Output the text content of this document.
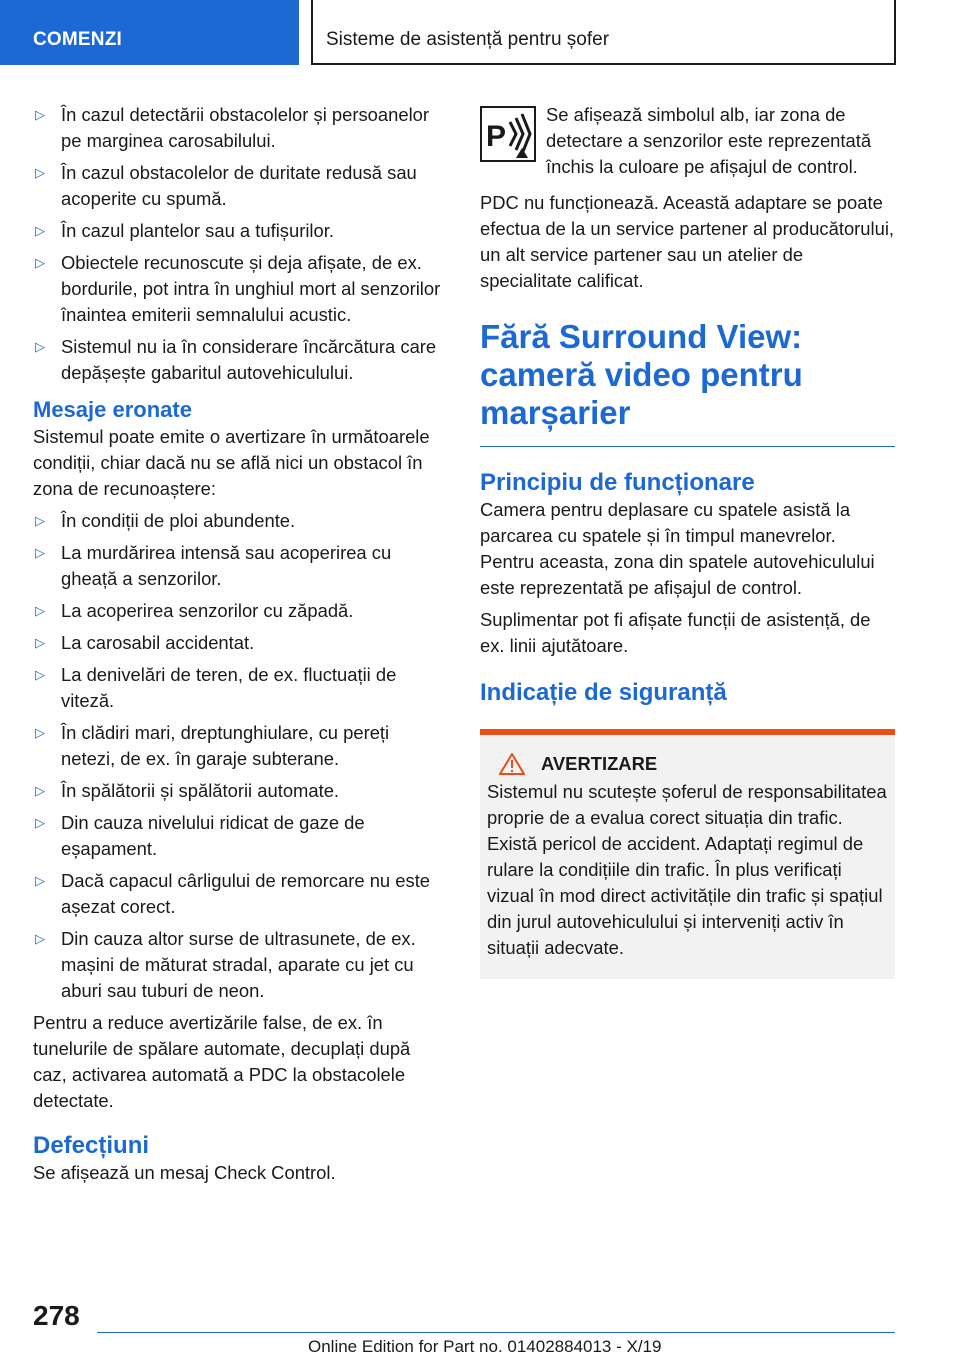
COMENZI	Sisteme de asistență pentru șofer
▷ În cazul detectării obstacolelor și persoanelor pe marginea carosabilului.
▷ În cazul obstacolelor de duritate redusă sau acoperite cu spumă.
▷ În cazul plantelor sau a tufișurilor.
▷ Obiectele recunoscute și deja afișate, de ex. bordurile, pot intra în unghiul mort al senzorilor înaintea emiterii semnalului acustic.
▷ Sistemul nu ia în considerare încărcătura care depășește gabaritul autovehiculului.
Mesaje eronate

Sistemul poate emite o avertizare în următoarele condiții, chiar dacă nu se află nici un obstacol în zona de recunoaștere:

▷ În condiții de ploi abundente.
▷ La murdărirea intensă sau acoperirea cu gheață a senzorilor.
▷ La acoperirea senzorilor cu zăpadă.
▷ La carosabil accidentat.
▷ La denivelări de teren, de ex. fluctuații de viteză.
▷ În clădiri mari, dreptunghiulare, cu pereți netezi, de ex. în garaje subterane.
▷ În spălătorii și spălătorii automate.
▷ Din cauza nivelului ridicat de gaze de eșapament.
▷ Dacă capacul cârligului de remorcare nu este așezat corect.
▷ Din cauza altor surse de ultrasunete, de ex. mașini de măturat stradal, aparate cu jet cu aburi sau tuburi de neon.

Pentru a reduce avertizările false, de ex. în tunelurile de spălare automate, decuplați după caz, activarea automată a PDC la obstacolele detectate.

Defecțiuni

Se afișează un mesaj Check Control.

P
Se afișează simbolul alb, iar zona de detectare a senzorilor este reprezentată închis la culoare pe afișajul de control.

PDC nu funcționează. Această adaptare se poate efectua de la un service partener al producătorului, un alt service partener sau un atelier de specialitate calificat.

Fără Surround View: cameră video pentru marșarier
Principiu de funcționare

Camera pentru deplasare cu spatele asistă la parcarea cu spatele și în timpul manevrelor. Pentru aceasta, zona din spatele autovehiculului este reprezentată pe afișajul de control.

Suplimentar pot fi afișate funcții de asistență, de ex. linii ajutătoare.

Indicație de siguranță
AVERTIZARE

Sistemul nu scutește șoferul de responsabilitatea proprie de a evalua corect situația din trafic. Există pericol de accident. Adaptați regimul de rulare la condițiile din trafic. În plus verificați vizual în mod direct activitățile din trafic și spațiul din jurul autovehiculului și interveniți activ în situații adecvate.

278
Online Edition for Part no. 01402884013 - X/19
